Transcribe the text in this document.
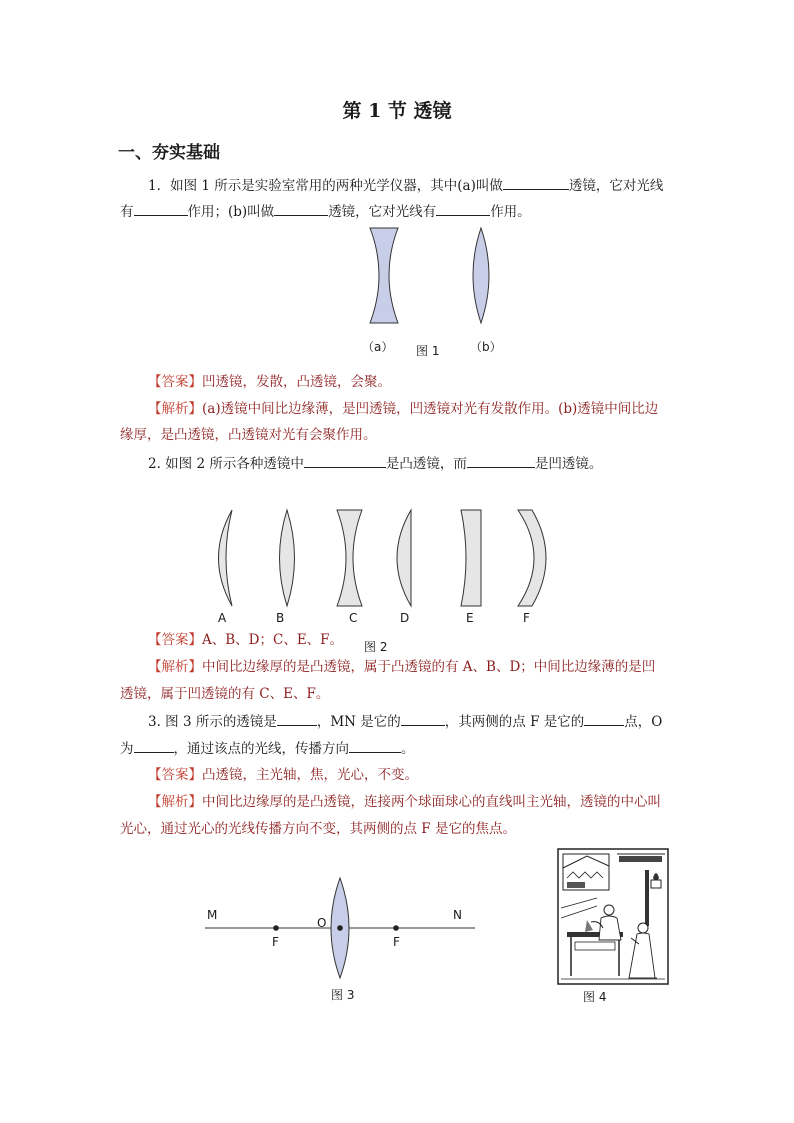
第 1 节 透镜
一、夯实基础
1．如图 1 所示是实验室常用的两种光学仪器，其中(a)叫做	透镜，它对光线
有	作用；(b)叫做	透镜，它对光线有	作用。
（a） 图 1	（b）
【答案】凹透镜，发散，凸透镜，会聚。
【解析】(a)透镜中间比边缘薄，是凹透镜，凹透镜对光有发散作用。(b)透镜中间比边
缘厚，是凸透镜，凸透镜对光有会聚作用。
2. 如图 2 所示各种透镜中	是凸透镜，而	是凹透镜。
A	B	C	D	E	F
图 2
【答案】A、B、D；C、E、F。
【解析】中间比边缘厚的是凸透镜，属于凸透镜的有 A、B、D；中间比边缘薄的是凹
透镜，属于凹透镜的有 C、E、F。
3. 图 3 所示的透镜是	，MN 是它的	，其两侧的点 F 是它的	点，O
为	，通过该点的光线，传播方向	。
【答案】凸透镜，主光轴，焦，光心，不变。
【解析】中间比边缘厚的是凸透镜，连接两个球面球心的直线叫主光轴，透镜的中心叫
光心，通过光心的光线传播方向不变，其两侧的点 F 是它的焦点。
M	N
O
F	F
图 3	图 4
